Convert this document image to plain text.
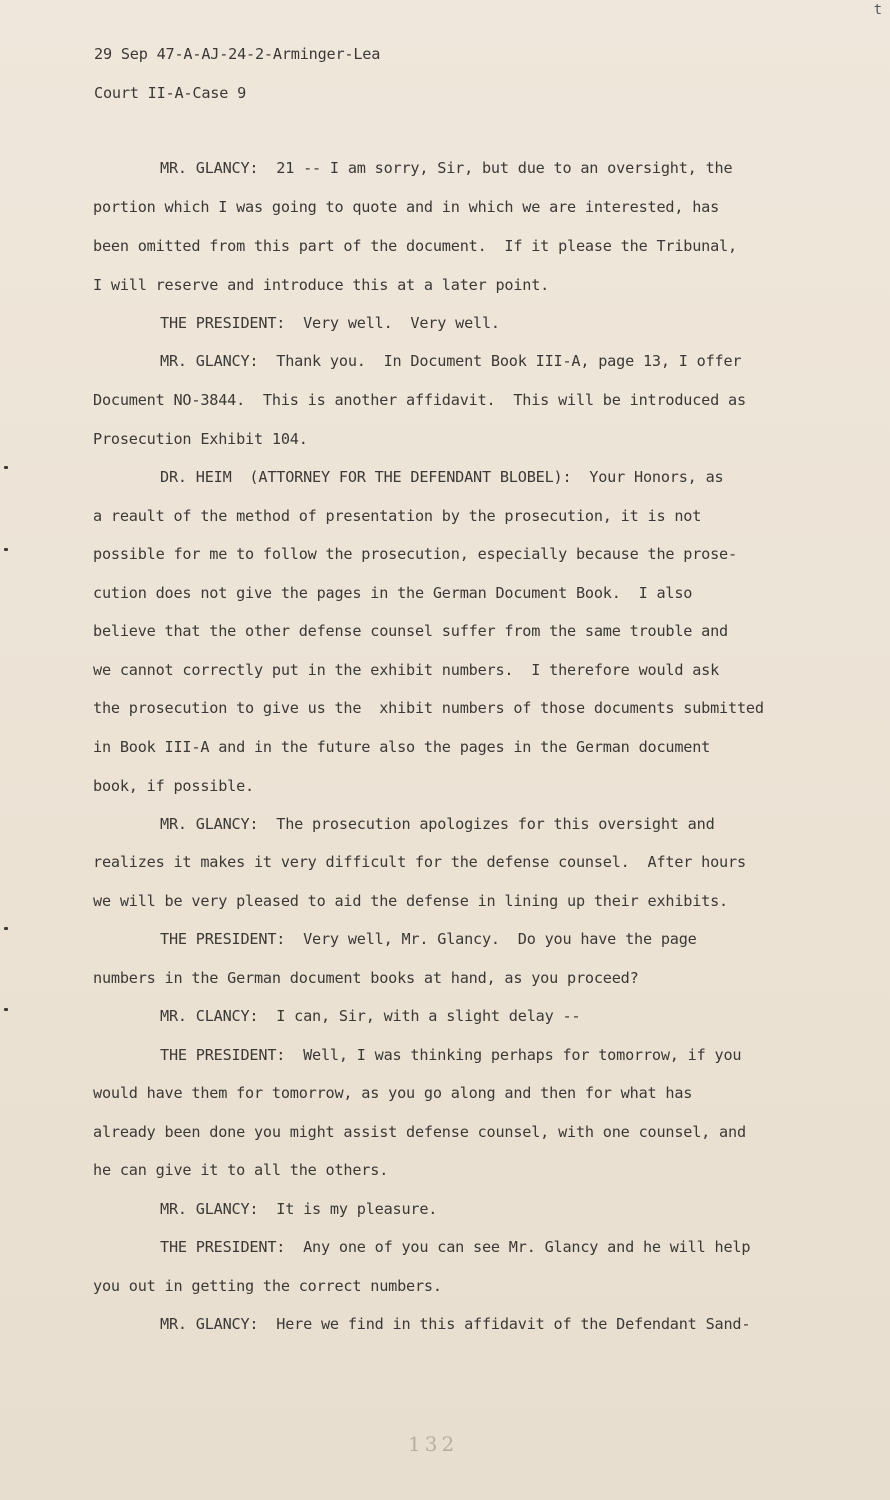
t
29 Sep 47-A-AJ-24-2-Arminger-Lea
Court II-A-Case 9
MR. GLANCY:  21 -- I am sorry, Sir, but due to an oversight, the
portion which I was going to quote and in which we are interested, has
been omitted from this part of the document.  If it please the Tribunal,
I will reserve and introduce this at a later point.
THE PRESIDENT:  Very well.  Very well.
MR. GLANCY:  Thank you.  In Document Book III-A, page 13, I offer
Document NO-3844.  This is another affidavit.  This will be introduced as
Prosecution Exhibit 104.
DR. HEIM  (ATTORNEY FOR THE DEFENDANT BLOBEL):  Your Honors, as
a reault of the method of presentation by the prosecution, it is not
possible for me to follow the prosecution, especially because the prose-
cution does not give the pages in the German Document Book.  I also
believe that the other defense counsel suffer from the same trouble and
we cannot correctly put in the exhibit numbers.  I therefore would ask
the prosecution to give us the  xhibit numbers of those documents submitted
in Book III-A and in the future also the pages in the German document
book, if possible.
MR. GLANCY:  The prosecution apologizes for this oversight and
realizes it makes it very difficult for the defense counsel.  After hours
we will be very pleased to aid the defense in lining up their exhibits.
THE PRESIDENT:  Very well, Mr. Glancy.  Do you have the page
numbers in the German document books at hand, as you proceed?
MR. CLANCY:  I can, Sir, with a slight delay --
THE PRESIDENT:  Well, I was thinking perhaps for tomorrow, if you
would have them for tomorrow, as you go along and then for what has
already been done you might assist defense counsel, with one counsel, and
he can give it to all the others.
MR. GLANCY:  It is my pleasure.
THE PRESIDENT:  Any one of you can see Mr. Glancy and he will help
you out in getting the correct numbers.
MR. GLANCY:  Here we find in this affidavit of the Defendant Sand-
132
